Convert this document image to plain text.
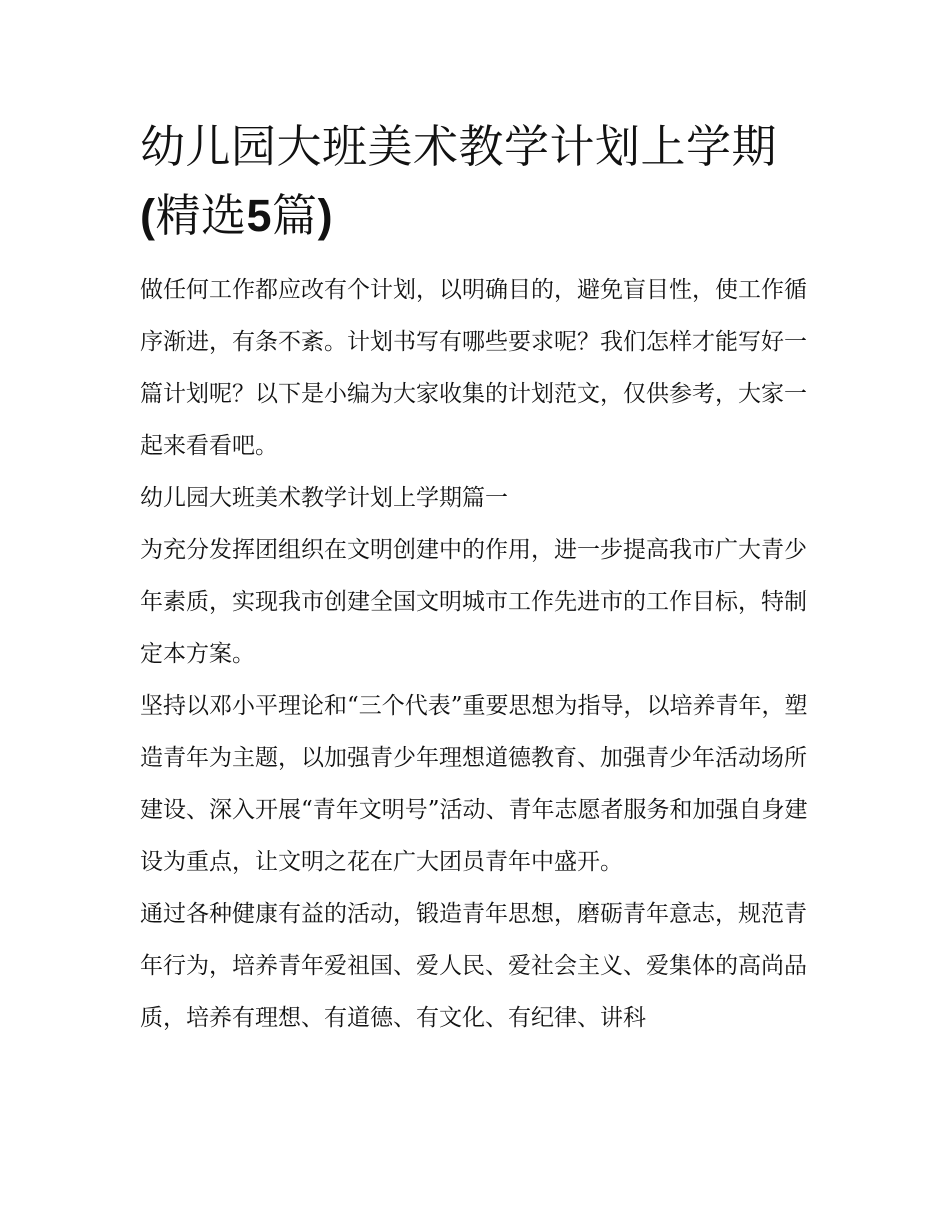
幼儿园大班美术教学计划上学期(精选5篇)

做任何工作都应改有个计划，以明确目的，避免盲目性，使工作循序渐进，有条不紊。计划书写有哪些要求呢？我们怎样才能写好一篇计划呢？以下是小编为大家收集的计划范文，仅供参考，大家一起来看看吧。

幼儿园大班美术教学计划上学期篇一

为充分发挥团组织在文明创建中的作用，进一步提高我市广大青少年素质，实现我市创建全国文明城市工作先进市的工作目标，特制定本方案。

坚持以邓小平理论和“三个代表”重要思想为指导，以培养青年，塑造青年为主题，以加强青少年理想道德教育、加强青少年活动场所建设、深入开展“青年文明号”活动、青年志愿者服务和加强自身建设为重点，让文明之花在广大团员青年中盛开。

通过各种健康有益的活动，锻造青年思想，磨砺青年意志，规范青年行为，培养青年爱祖国、爱人民、爱社会主义、爱集体的高尚品质，培养有理想、有道德、有文化、有纪律、讲科
